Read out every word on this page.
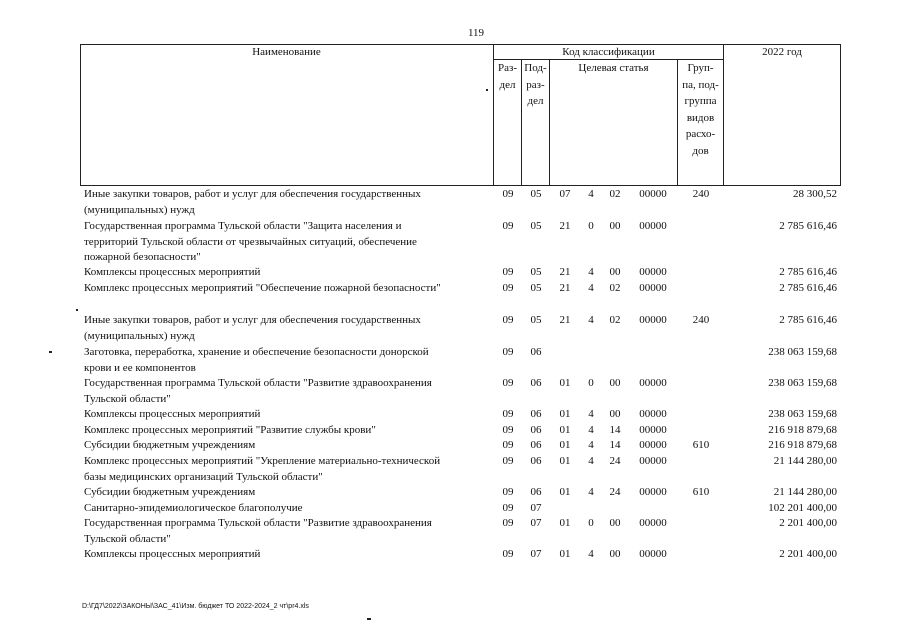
119
Наименование	Код классификации	2022 год
Раз-
дел
Под-
раз-
дел
Целевая статья	Груп-
па, под-
группа
видов
расхо-
дов
Иные закупки товаров, работ и услуг для обеспечения государственных
(муниципальных) нужд
09	05	07	4	02	00000	240	28 300,52
Государственная программа Тульской области "Защита населения и
территорий Тульской области от чрезвычайных ситуаций, обеспечение
пожарной безопасности"
09	05	21	0	00	00000	2 785 616,46
Комплексы процессных мероприятий	09	05	21	4	00	00000	2 785 616,46
Комплекс процессных мероприятий "Обеспечение пожарной безопасности"	09	05	21	4	02	00000	2 785 616,46
Иные закупки товаров, работ и услуг для обеспечения государственных
(муниципальных) нужд
09	05	21	4	02	00000	240	2 785 616,46
Заготовка, переработка, хранение и обеспечение безопасности донорской
крови и ее компонентов
09	06	238 063 159,68
Государственная программа Тульской области "Развитие здравоохранения
Тульской области"
09	06	01	0	00	00000	238 063 159,68
Комплексы процессных мероприятий	09	06	01	4	00	00000	238 063 159,68
Комплекс процессных мероприятий "Развитие службы крови"	09	06	01	4	14	00000	216 918 879,68
Субсидии бюджетным учреждениям	09	06	01	4	14	00000	610	216 918 879,68
Комплекс процессных мероприятий "Укрепление материально-технической
базы медицинских организаций Тульской области"
09	06	01	4	24	00000	21 144 280,00
Субсидии бюджетным учреждениям	09	06	01	4	24	00000	610	21 144 280,00
Санитарно-эпидемиологическое благополучие	09	07	102 201 400,00
Государственная программа Тульской области "Развитие здравоохранения
Тульской области"
09	07	01	0	00	00000	2 201 400,00
Комплексы процессных мероприятий	09	07	01	4	00	00000	2 201 400,00
D:\ГД7\2022\ЗАКОНЫ\ЗАС_41\Изм. бюджет ТО 2022-2024_2 чт\pr4.xls
